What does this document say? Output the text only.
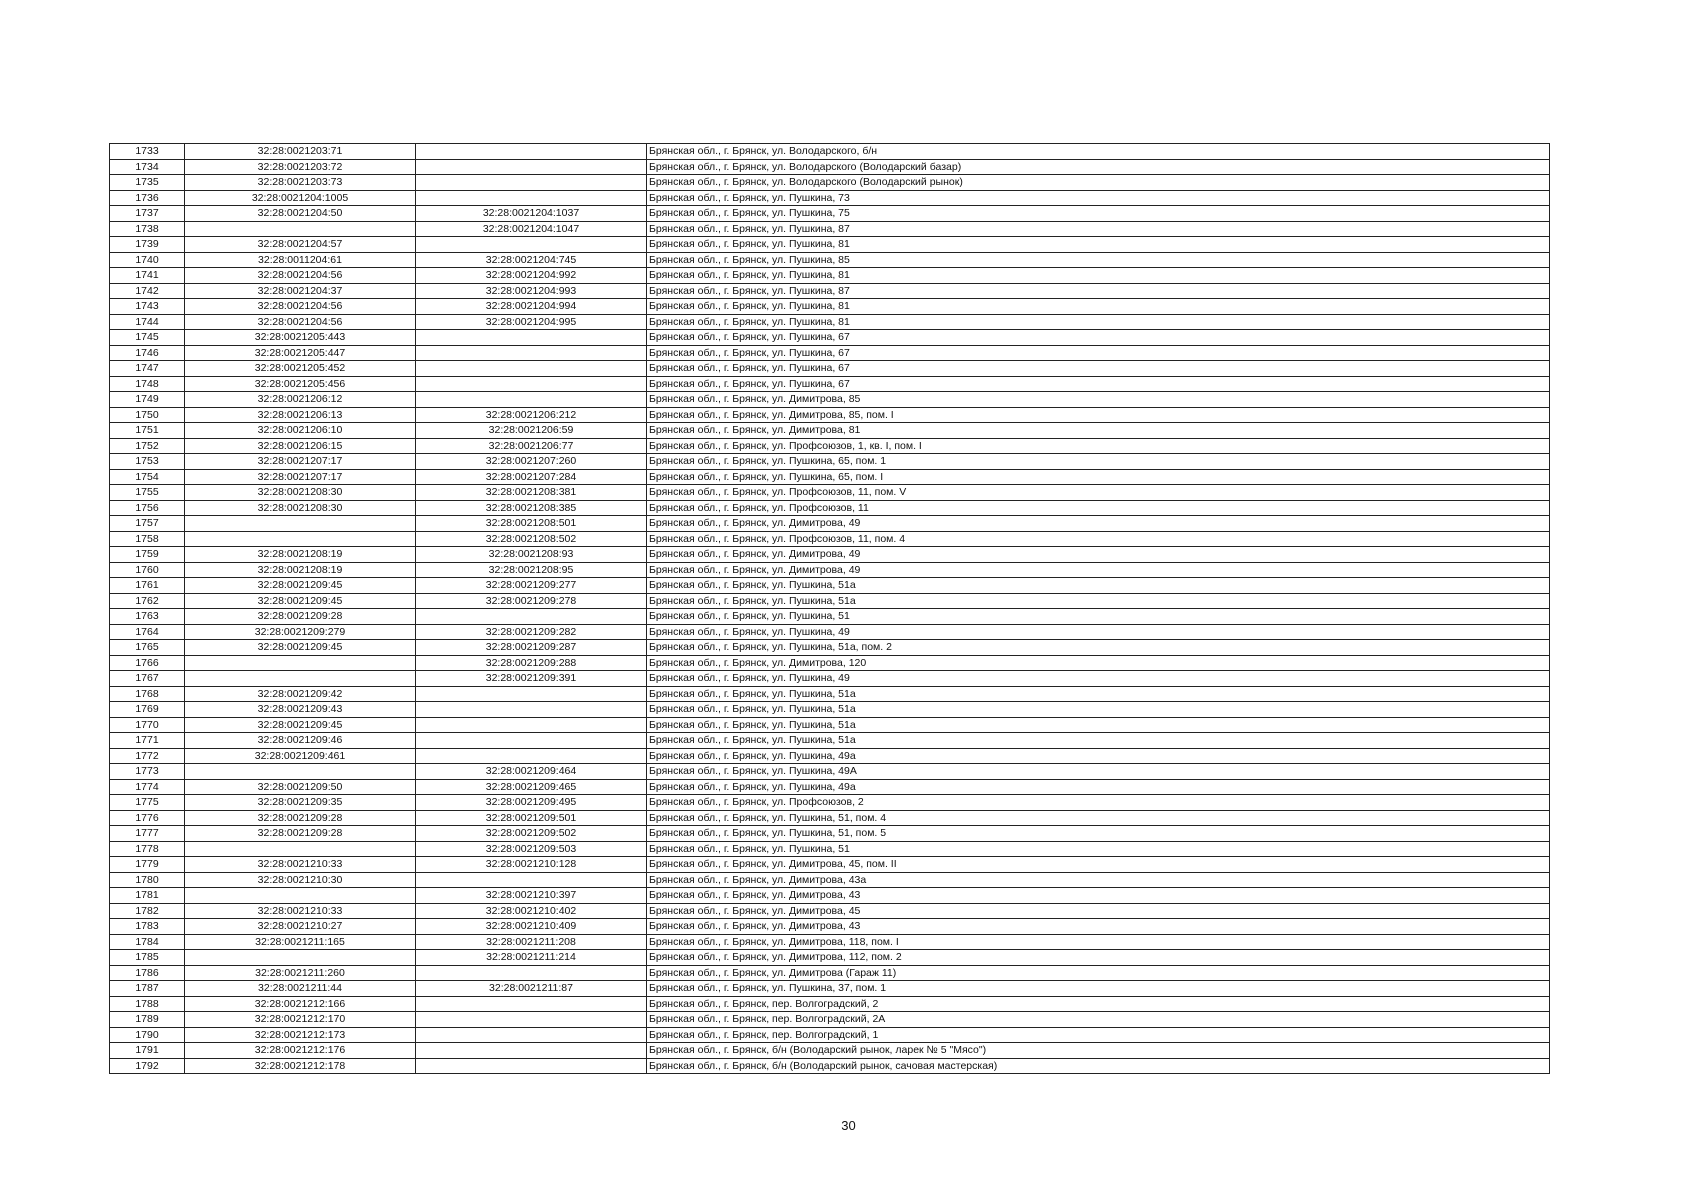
1733	32:28:0021203:71		Брянская обл., г. Брянск, ул. Володарского, б/н
1734	32:28:0021203:72		Брянская обл., г. Брянск, ул. Володарского (Володарский базар)
1735	32:28:0021203:73		Брянская обл., г. Брянск, ул. Володарского (Володарский рынок)
1736	32:28:0021204:1005		Брянская обл., г. Брянск, ул. Пушкина, 73
1737	32:28:0021204:50	32:28:0021204:1037	Брянская обл., г. Брянск, ул. Пушкина, 75
1738		32:28:0021204:1047	Брянская обл., г. Брянск, ул. Пушкина, 87
1739	32:28:0021204:57		Брянская обл., г. Брянск, ул. Пушкина, 81
1740	32:28:0011204:61	32:28:0021204:745	Брянская обл., г. Брянск, ул. Пушкина, 85
1741	32:28:0021204:56	32:28:0021204:992	Брянская обл., г. Брянск, ул. Пушкина, 81
1742	32:28:0021204:37	32:28:0021204:993	Брянская обл., г. Брянск, ул. Пушкина, 87
1743	32:28:0021204:56	32:28:0021204:994	Брянская обл., г. Брянск, ул. Пушкина, 81
1744	32:28:0021204:56	32:28:0021204:995	Брянская обл., г. Брянск, ул. Пушкина, 81
1745	32:28:0021205:443		Брянская обл., г. Брянск, ул. Пушкина, 67
1746	32:28:0021205:447		Брянская обл., г. Брянск, ул. Пушкина, 67
1747	32:28:0021205:452		Брянская обл., г. Брянск, ул. Пушкина, 67
1748	32:28:0021205:456		Брянская обл., г. Брянск, ул. Пушкина, 67
1749	32:28:0021206:12		Брянская обл., г. Брянск, ул. Димитрова, 85
1750	32:28:0021206:13	32:28:0021206:212	Брянская обл., г. Брянск, ул. Димитрова, 85, пом. I
1751	32:28:0021206:10	32:28:0021206:59	Брянская обл., г. Брянск, ул. Димитрова, 81
1752	32:28:0021206:15	32:28:0021206:77	Брянская обл., г. Брянск, ул. Профсоюзов, 1, кв. I, пом. I
1753	32:28:0021207:17	32:28:0021207:260	Брянская обл., г. Брянск, ул. Пушкина, 65, пом. 1
1754	32:28:0021207:17	32:28:0021207:284	Брянская обл., г. Брянск, ул. Пушкина, 65, пом. I
1755	32:28:0021208:30	32:28:0021208:381	Брянская обл., г. Брянск, ул. Профсоюзов, 11, пом. V
1756	32:28:0021208:30	32:28:0021208:385	Брянская обл., г. Брянск, ул. Профсоюзов, 11
1757		32:28:0021208:501	Брянская обл., г. Брянск, ул. Димитрова, 49
1758		32:28:0021208:502	Брянская обл., г. Брянск, ул. Профсоюзов, 11, пом. 4
1759	32:28:0021208:19	32:28:0021208:93	Брянская обл., г. Брянск, ул. Димитрова, 49
1760	32:28:0021208:19	32:28:0021208:95	Брянская обл., г. Брянск, ул. Димитрова, 49
1761	32:28:0021209:45	32:28:0021209:277	Брянская обл., г. Брянск, ул. Пушкина, 51а
1762	32:28:0021209:45	32:28:0021209:278	Брянская обл., г. Брянск, ул. Пушкина, 51а
1763	32:28:0021209:28		Брянская обл., г. Брянск, ул. Пушкина, 51
1764	32:28:0021209:279	32:28:0021209:282	Брянская обл., г. Брянск, ул. Пушкина, 49
1765	32:28:0021209:45	32:28:0021209:287	Брянская обл., г. Брянск, ул. Пушкина, 51а, пом. 2
1766		32:28:0021209:288	Брянская обл., г. Брянск, ул. Димитрова, 120
1767		32:28:0021209:391	Брянская обл., г. Брянск, ул. Пушкина, 49
1768	32:28:0021209:42		Брянская обл., г. Брянск, ул. Пушкина, 51а
1769	32:28:0021209:43		Брянская обл., г. Брянск, ул. Пушкина, 51а
1770	32:28:0021209:45		Брянская обл., г. Брянск, ул. Пушкина, 51а
1771	32:28:0021209:46		Брянская обл., г. Брянск, ул. Пушкина, 51а
1772	32:28:0021209:461		Брянская обл., г. Брянск, ул. Пушкина, 49а
1773		32:28:0021209:464	Брянская обл., г. Брянск, ул. Пушкина, 49А
1774	32:28:0021209:50	32:28:0021209:465	Брянская обл., г. Брянск, ул. Пушкина, 49а
1775	32:28:0021209:35	32:28:0021209:495	Брянская обл., г. Брянск, ул. Профсоюзов, 2
1776	32:28:0021209:28	32:28:0021209:501	Брянская обл., г. Брянск, ул. Пушкина, 51, пом. 4
1777	32:28:0021209:28	32:28:0021209:502	Брянская обл., г. Брянск, ул. Пушкина, 51, пом. 5
1778		32:28:0021209:503	Брянская обл., г. Брянск, ул. Пушкина, 51
1779	32:28:0021210:33	32:28:0021210:128	Брянская обл., г. Брянск, ул. Димитрова, 45, пом. II
1780	32:28:0021210:30		Брянская обл., г. Брянск, ул. Димитрова, 43а
1781		32:28:0021210:397	Брянская обл., г. Брянск, ул. Димитрова, 43
1782	32:28:0021210:33	32:28:0021210:402	Брянская обл., г. Брянск, ул. Димитрова, 45
1783	32:28:0021210:27	32:28:0021210:409	Брянская обл., г. Брянск, ул. Димитрова, 43
1784	32:28:0021211:165	32:28:0021211:208	Брянская обл., г. Брянск, ул. Димитрова, 118, пом. I
1785		32:28:0021211:214	Брянская обл., г. Брянск, ул. Димитрова, 112, пом. 2
1786	32:28:0021211:260		Брянская обл., г. Брянск, ул. Димитрова (Гараж 11)
1787	32:28:0021211:44	32:28:0021211:87	Брянская обл., г. Брянск, ул. Пушкина, 37, пом. 1
1788	32:28:0021212:166		Брянская обл., г. Брянск, пер. Волгоградский, 2
1789	32:28:0021212:170		Брянская обл., г. Брянск, пер. Волгоградский, 2А
1790	32:28:0021212:173		Брянская обл., г. Брянск, пер. Волгоградский, 1
1791	32:28:0021212:176		Брянская обл., г. Брянск, б/н (Володарский рынок, ларек № 5 "Мясо")
1792	32:28:0021212:178		Брянская обл., г. Брянск, б/н (Володарский рынок, сачовая мастерская)
30
